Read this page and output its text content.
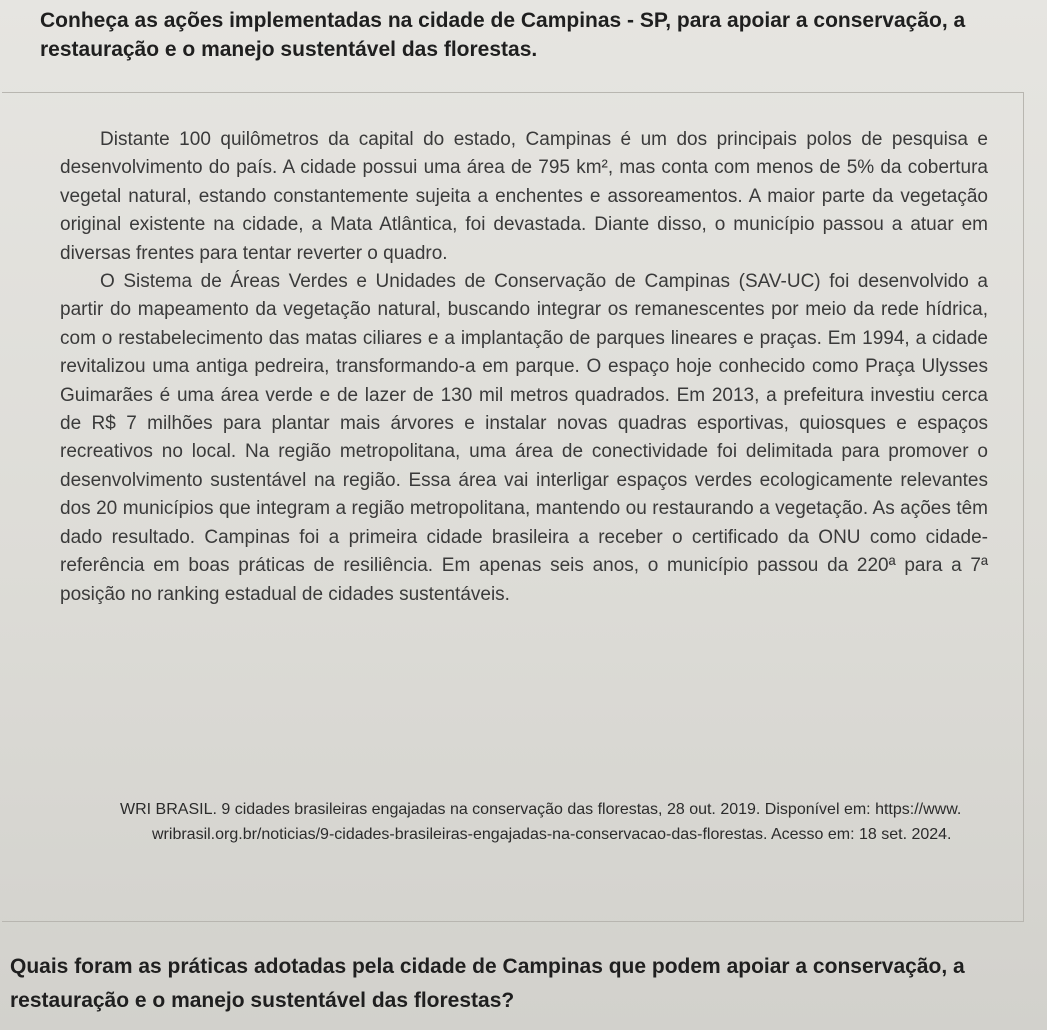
Conheça as ações implementadas na cidade de Campinas - SP, para apoiar a conservação, a restauração e o manejo sustentável das florestas.

Distante 100 quilômetros da capital do estado, Campinas é um dos principais polos de pesquisa e desenvolvimento do país. A cidade possui uma área de 795 km², mas conta com menos de 5% da cobertura vegetal natural, estando constantemente sujeita a enchentes e assoreamentos. A maior parte da vegetação original existente na cidade, a Mata Atlântica, foi devastada. Diante disso, o município passou a atuar em diversas frentes para tentar reverter o quadro.

O Sistema de Áreas Verdes e Unidades de Conservação de Campinas (SAV-UC) foi desenvolvido a partir do mapeamento da vegetação natural, buscando integrar os remanescentes por meio da rede hídrica, com o restabelecimento das matas ciliares e a implantação de parques lineares e praças. Em 1994, a cidade revitalizou uma antiga pedreira, transformando-a em parque. O espaço hoje conhecido como Praça Ulysses Guimarães é uma área verde e de lazer de 130 mil metros quadrados. Em 2013, a prefeitura investiu cerca de R$ 7 milhões para plantar mais árvores e instalar novas quadras esportivas, quiosques e espaços recreativos no local. Na região metropolitana, uma área de conectividade foi delimitada para promover o desenvolvimento sustentável na região. Essa área vai interligar espaços verdes ecologicamente relevantes dos 20 municípios que integram a região metropolitana, mantendo ou restaurando a vegetação. As ações têm dado resultado. Campinas foi a primeira cidade brasileira a receber o certificado da ONU como cidade-referência em boas práticas de resiliência. Em apenas seis anos, o município passou da 220ª para a 7ª posição no ranking estadual de cidades sustentáveis.

WRI BRASIL. 9 cidades brasileiras engajadas na conservação das florestas, 28 out. 2019. Disponível em: https://www.
wribrasil.org.br/noticias/9-cidades-brasileiras-engajadas-na-conservacao-das-florestas. Acesso em: 18 set. 2024.

Quais foram as práticas adotadas pela cidade de Campinas que podem apoiar a conservação, a restauração e o manejo sustentável das florestas?
